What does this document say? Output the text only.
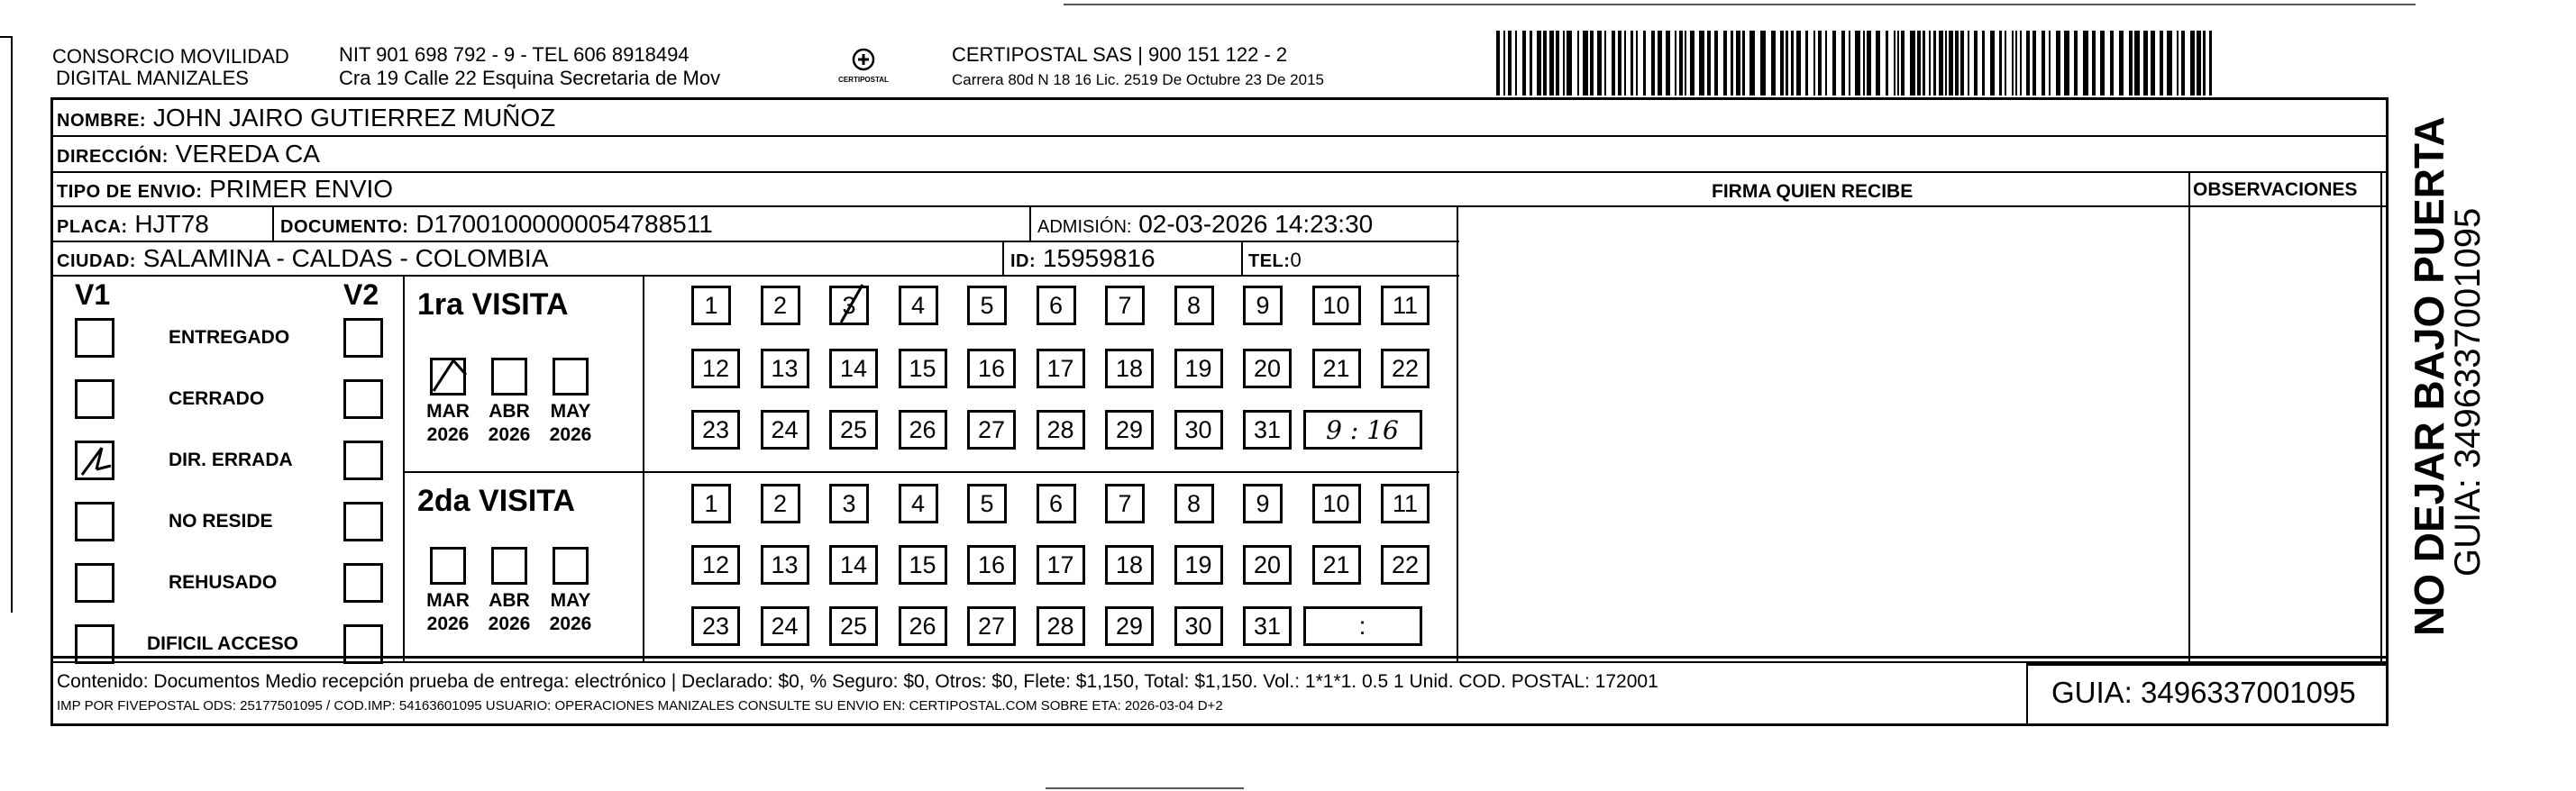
CONSORCIO MOVILIDAD
DIGITAL MANIZALES
NIT 901 698 792 - 9 - TEL 606 8918494
Cra 19 Calle 22 Esquina Secretaria de Mov	CERTIPOSTAL
CERTIPOSTAL SAS | 900 151 122 - 2
Carrera 80d N 18 16 Lic. 2519 De Octubre 23 De 2015
NOMBRE: JOHN JAIRO GUTIERREZ MUÑOZ
DIRECCIÓN: VEREDA CA
TIPO DE ENVIO: PRIMER ENVIO
PLACA: HJT78	DOCUMENTO: D17001000000054788511	ADMISIÓN: 02-03-2026 14:23:30
CIUDAD: SALAMINA - CALDAS - COLOMBIA	ID: 15959816	TEL:0
FIRMA QUIEN RECIBE	OBSERVACIONES
V1	V2
ENTREGADO
CERRADO
DIR. ERRADA
NO RESIDE
REHUSADO
DIFICIL ACCESO
1ra VISITA
2da VISITA
MAR
2026
ABR
2026
MAY
2026
MAR
2026
ABR
2026
MAY
2026
1	2	3	4	5	6	7	8	9	10	11
12	13	14	15	16	17	18	19	20	21	22
23	24	25	26	27	28	29	30	31	9 : 16
1	2	3	4	5	6	7	8	9	10	11
12	13	14	15	16	17	18	19	20	21	22
23	24	25	26	27	28	29	30	31	:
Contenido: Documentos Medio recepción prueba de entrega: electrónico | Declarado: $0, % Seguro: $0, Otros: $0, Flete: $1,150, Total: $1,150. Vol.: 1*1*1. 0.5 1 Unid. COD. POSTAL: 172001
IMP POR FIVEPOSTAL ODS: 25177501095 / COD.IMP: 54163601095 USUARIO: OPERACIONES MANIZALES CONSULTE SU ENVIO EN: CERTIPOSTAL.COM SOBRE ETA: 2026-03-04 D+2	GUIA: 3496337001095
NO DEJAR BAJO PUERTA
GUIA: 3496337001095
